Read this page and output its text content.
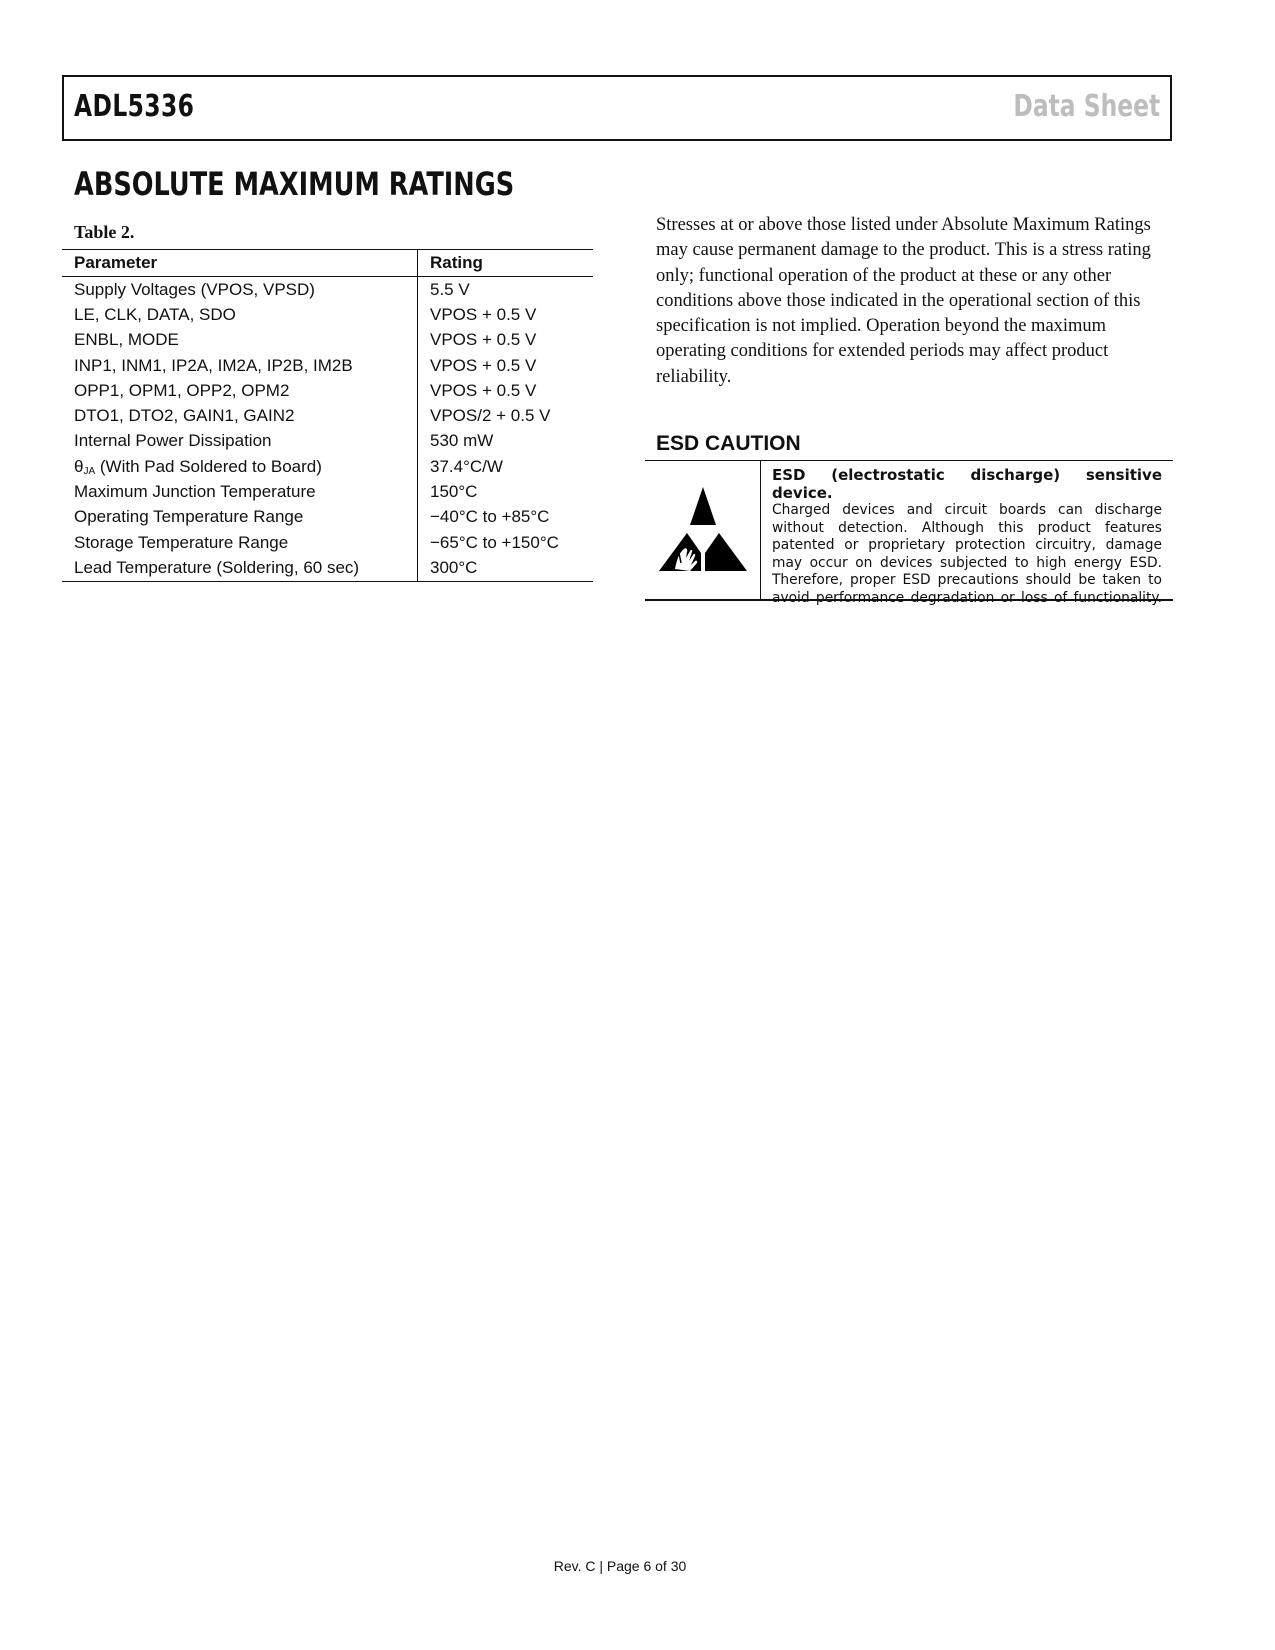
ADL5336	Data Sheet
ABSOLUTE MAXIMUM RATINGS
Table 2.
Parameter	Rating
Supply Voltages (VPOS, VPSD)	5.5 V
LE, CLK, DATA, SDO	VPOS + 0.5 V
ENBL, MODE	VPOS + 0.5 V
INP1, INM1, IP2A, IM2A, IP2B, IM2B	VPOS + 0.5 V
OPP1, OPM1, OPP2, OPM2	VPOS + 0.5 V
DTO1, DTO2, GAIN1, GAIN2	VPOS/2 + 0.5 V
Internal Power Dissipation	530 mW
$\theta_{JA}$ (With Pad Soldered to Board)	37.4°C/W
Maximum Junction Temperature	150°C
Operating Temperature Range	−40°C to +85°C
Storage Temperature Range	−65°C to +150°C
Lead Temperature (Soldering, 60 sec)	300°C

Stresses at or above those listed under Absolute Maximum Ratings may cause permanent damage to the product. This is a stress rating only; functional operation of the product at these or any other conditions above those indicated in the operational section of this specification is not implied. Operation beyond the maximum operating conditions for extended periods may affect product reliability.

ESD CAUTION
ESD (electrostatic discharge) sensitive device.
Charged devices and circuit boards can discharge without detection. Although this product features patented or proprietary protection circuitry, damage may occur on devices subjected to high energy ESD. Therefore, proper ESD precautions should be taken to avoid performance degradation or loss of functionality.
Rev. C | Page 6 of 30
